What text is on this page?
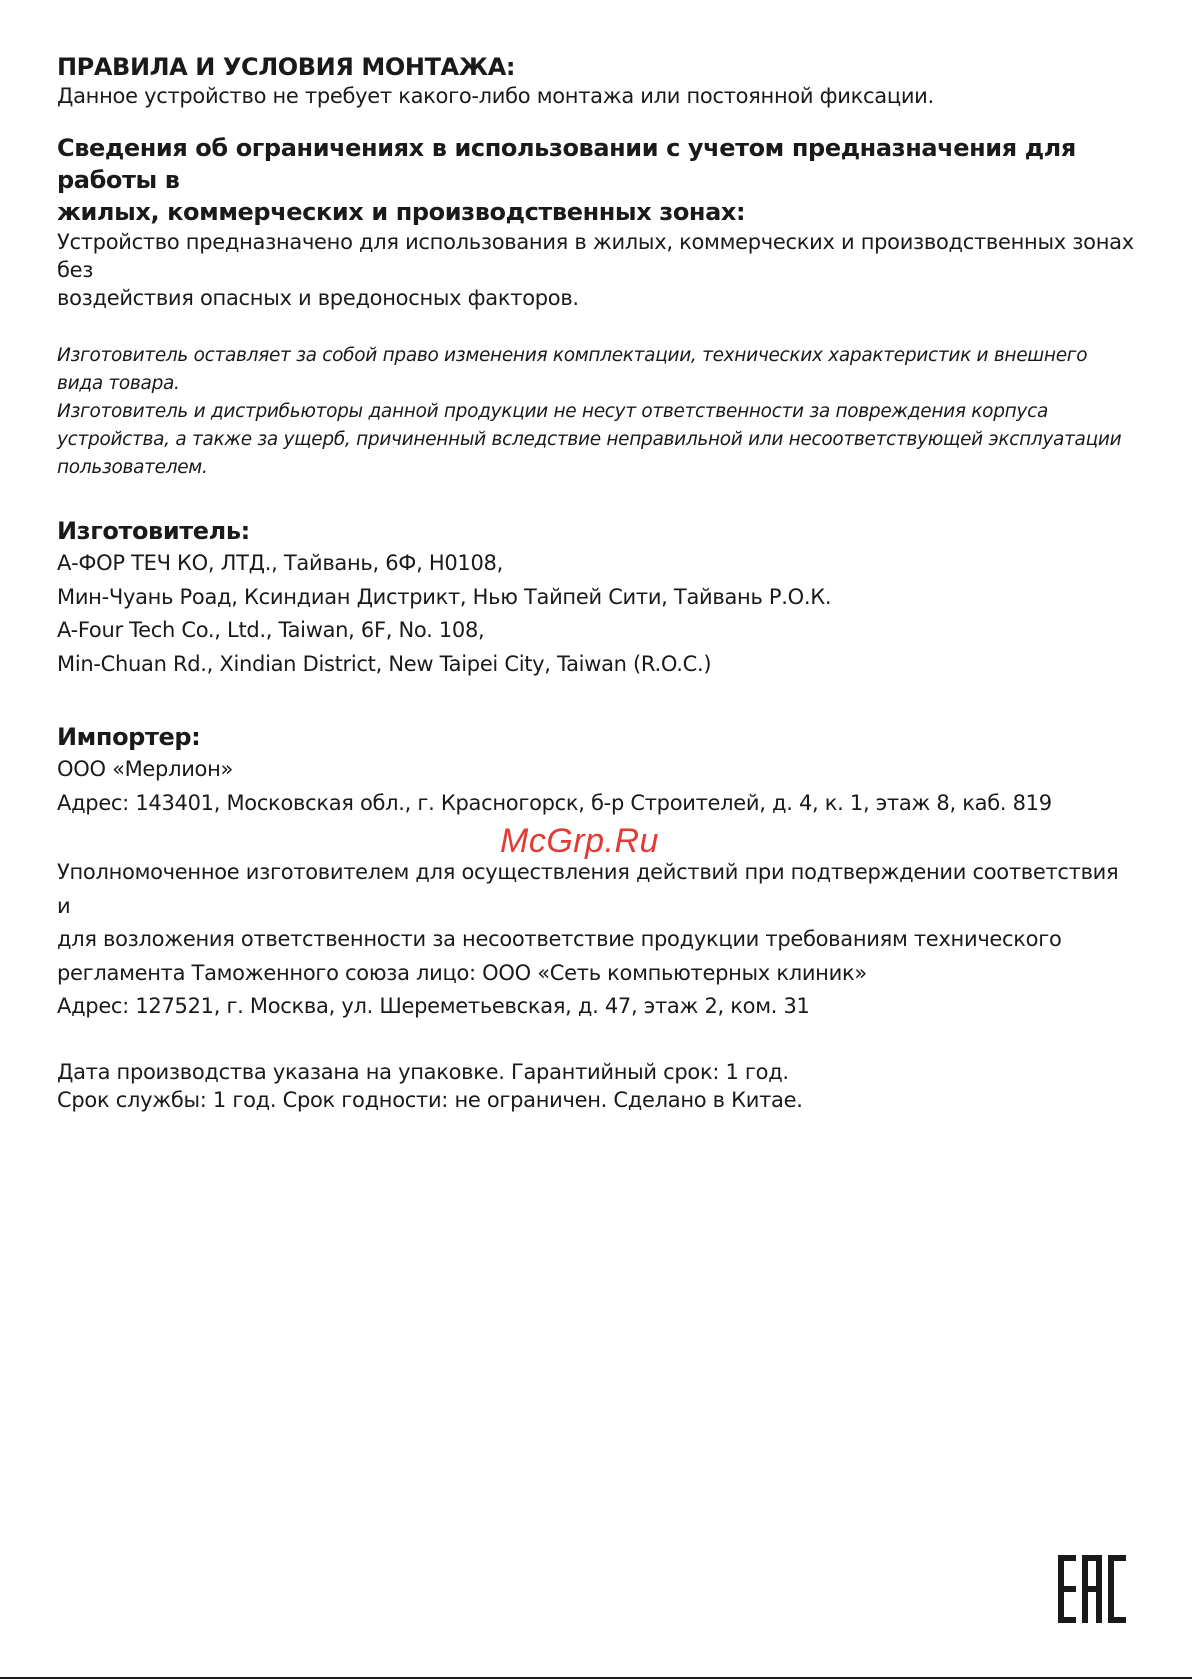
ПРАВИЛА И УСЛОВИЯ МОНТАЖА:

Данное устройство не требует какого-либо монтажа или постоянной фиксации.

Сведения об ограничениях в использовании с учетом предназначения для работы в
жилых, коммерческих и производственных зонах:

Устройство предназначено для использования в жилых, коммерческих и производственных зонах без

воздействия опасных и вредоносных факторов.

Изготовитель оставляет за собой право изменения комплектации, технических характеристик и внешнего

вида товара.

Изготовитель и дистрибьюторы данной продукции не несут ответственности за повреждения корпуса

устройства, а также за ущерб, причиненный вследствие неправильной или несоответствующей эксплуатации

пользователем.

Изготовитель:

А-ФОР ТЕЧ КО, ЛТД., Тайвань, 6Ф, Н0108,

Мин-Чуань Роад, Ксиндиан Дистрикт, Нью Тайпей Сити, Тайвань Р.О.К.

A-Four Tech Co., Ltd., Taiwan, 6F, No. 108,

Min-Chuan Rd., Xindian District, New Taipei City, Taiwan (R.O.C.)

Импортер:

ООО «Мерлион»

Адрес: 143401, Московская обл., г. Красногорск, б-р Строителей, д. 4, к. 1, этаж 8, каб. 819

Уполномоченное изготовителем для осуществления действий при подтверждении соответствия и

для возложения ответственности за несоответствие продукции требованиям технического

регламента Таможенного союза лицо: ООО «Сеть компьютерных клиник»

Адрес: 127521, г. Москва, ул. Шереметьевская, д. 47, этаж 2, ком. 31

Дата производства указана на упаковке. Гарантийный срок: 1 год.

Срок службы: 1 год. Срок годности: не ограничен. Сделано в Китае.

McGrp.Ru
